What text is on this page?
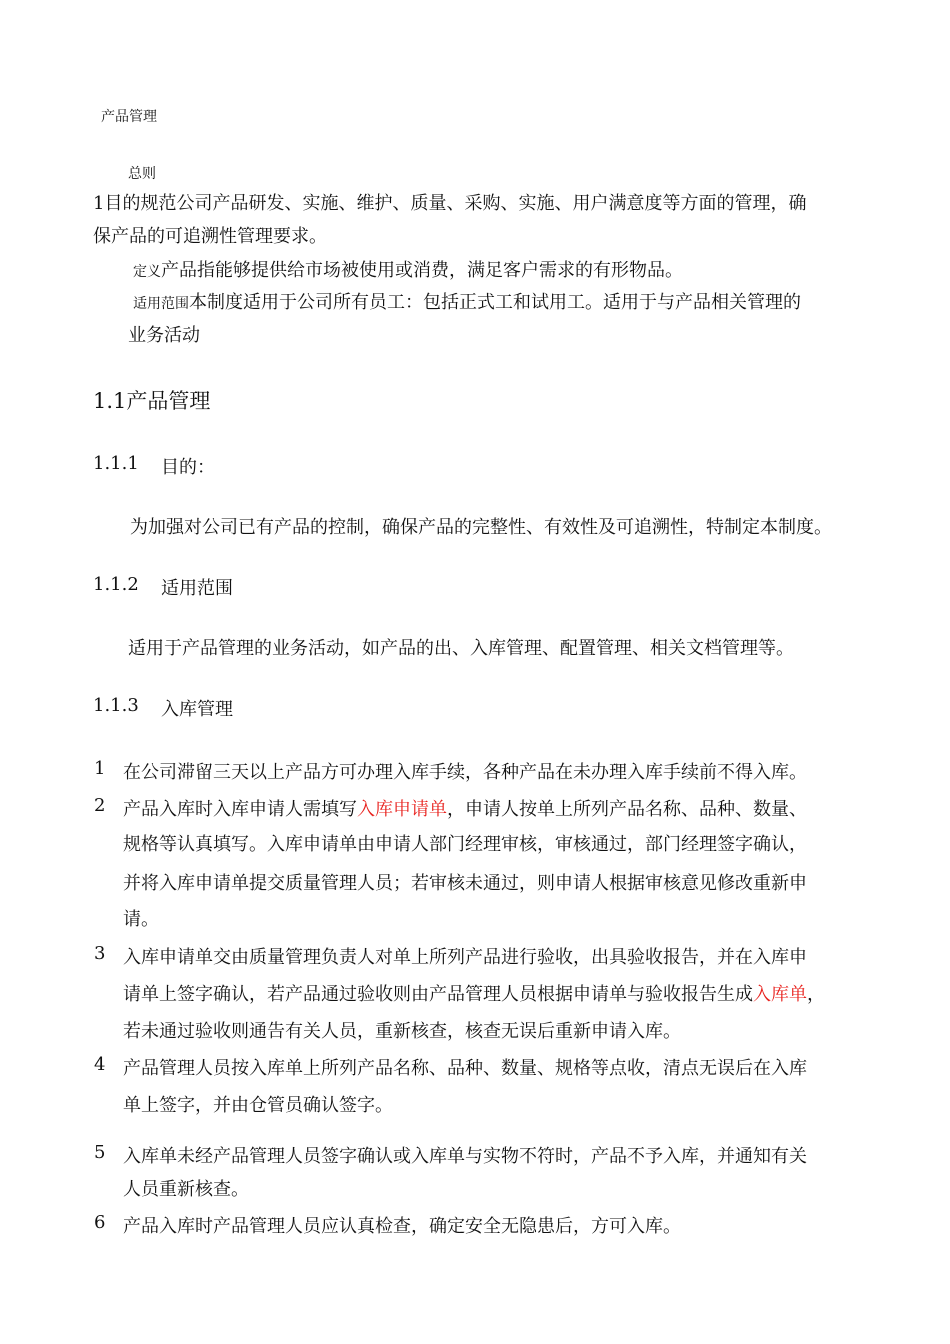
产品管理
总则
1目的规范公司产品研发、实施、维护、质量、采购、实施、用户满意度等方面的管理，确
保产品的可追溯性管理要求。
定义产品指能够提供给市场被使用或消费，满足客户需求的有形物品。
适用范围本制度适用于公司所有员工：包括正式工和试用工。适用于与产品相关管理的
业务活动
1.1产品管理
1.1.1 目的：
为加强对公司已有产品的控制，确保产品的完整性、有效性及可追溯性，特制定本制度。
1.1.2 适用范围
适用于产品管理的业务活动，如产品的出、入库管理、配置管理、相关文档管理等。
1.1.3 入库管理
1 在公司滞留三天以上产品方可办理入库手续，各种产品在未办理入库手续前不得入库。
2 产品入库时入库申请人需填写入库申请单，申请人按单上所列产品名称、品种、数量、
规格等认真填写。入库申请单由申请人部门经理审核，审核通过，部门经理签字确认，
并将入库申请单提交质量管理人员；若审核未通过，则申请人根据审核意见修改重新申
请。
3 入库申请单交由质量管理负责人对单上所列产品进行验收，出具验收报告，并在入库申
请单上签字确认，若产品通过验收则由产品管理人员根据申请单与验收报告生成入库单，
若未通过验收则通告有关人员，重新核查，核查无误后重新申请入库。
4 产品管理人员按入库单上所列产品名称、品种、数量、规格等点收，清点无误后在入库
单上签字，并由仓管员确认签字。
5 入库单未经产品管理人员签字确认或入库单与实物不符时，产品不予入库，并通知有关
人员重新核查。
6 产品入库时产品管理人员应认真检查，确定安全无隐患后，方可入库。
